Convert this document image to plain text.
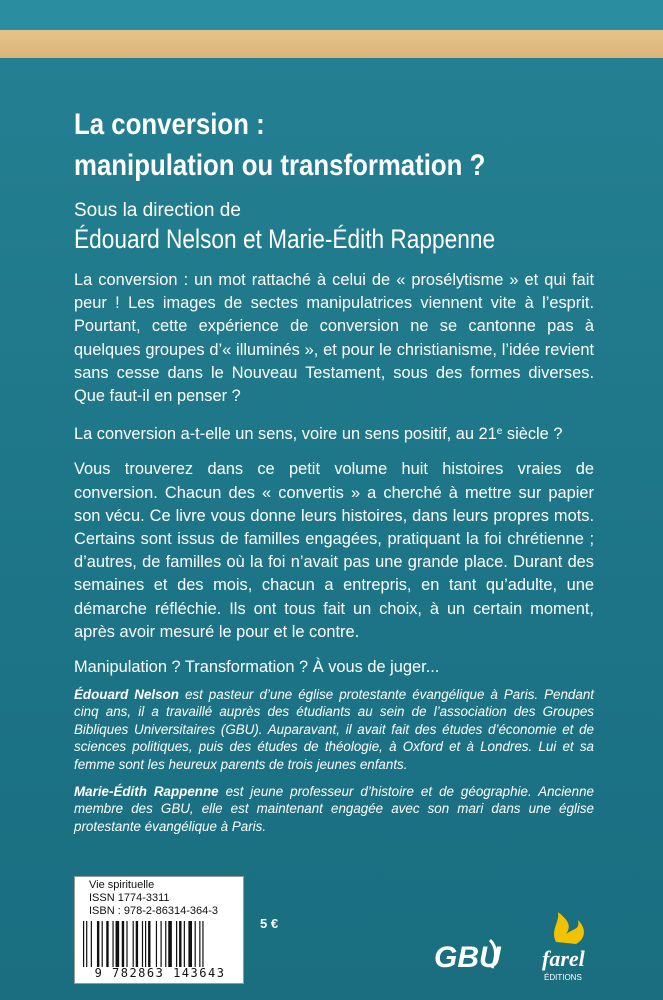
La conversion :
manipulation ou transformation ?
Sous la direction de
Édouard Nelson et Marie-Édith Rappenne

La conversion : un mot rattaché à celui de « prosélytisme » et qui fait peur ! Les images de sectes manipulatrices viennent vite à l’esprit. Pourtant, cette expérience de conversion ne se cantonne pas à quelques groupes d’« illuminés », et pour le christianisme, l’idée revient sans cesse dans le Nouveau Testament, sous des formes diverses. Que faut-il en penser ?

La conversion a-t-elle un sens, voire un sens positif, au 21e siècle ?

Vous trouverez dans ce petit volume huit histoires vraies de conversion. Chacun des « convertis » a cherché à mettre sur papier son vécu. Ce livre vous donne leurs histoires, dans leurs propres mots. Certains sont issus de familles engagées, pratiquant la foi chrétienne ; d’autres, de familles où la foi n’avait pas une grande place. Durant des semaines et des mois, chacun a entrepris, en tant qu’adulte, une démarche réfléchie. Ils ont tous fait un choix, à un certain moment, après avoir mesuré le pour et le contre.

Manipulation ? Transformation ? À vous de juger...

Édouard Nelson est pasteur d’une église protestante évangélique à Paris. Pendant cinq ans, il a travaillé auprès des étudiants au sein de l’association des Groupes Bibliques Universitaires (GBU). Auparavant, il avait fait des études d’économie et de sciences politiques, puis des études de théologie, à Oxford et à Londres. Lui et sa femme sont les heureux parents de trois jeunes enfants.

Marie-Édith Rappenne est jeune professeur d’histoire et de géographie. Ancienne membre des GBU, elle est maintenant engagée avec son mari dans une église protestante évangélique à Paris.

Vie spirituelle
ISSN 1774-3311
ISBN : 978-2-86314-364-3
9 782863 143643
5 €
GBU farel
ÉDITIONS
